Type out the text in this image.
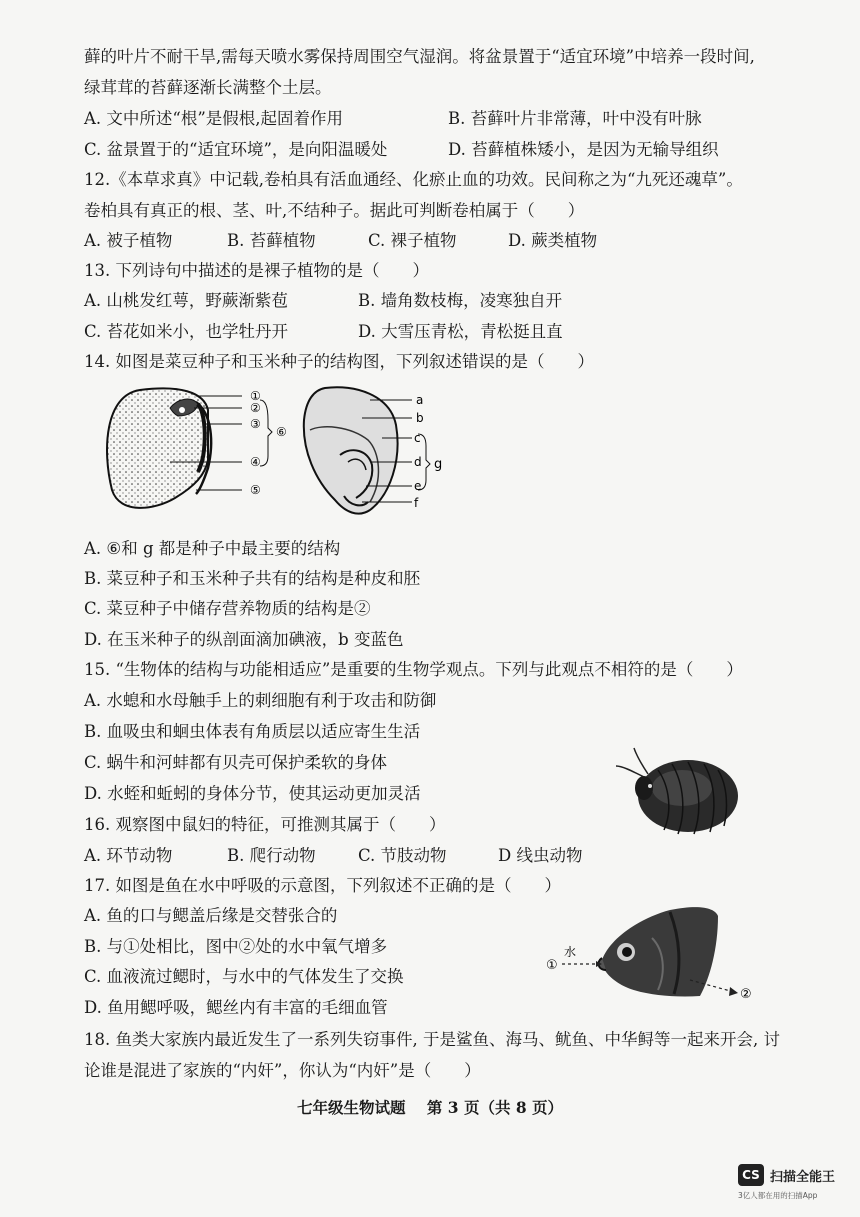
藓的叶片不耐干旱,需每天喷水雾保持周围空气湿润。将盆景置于“适宜环境”中培养一段时间,
绿茸茸的苔藓逐渐长满整个土层。
A. 文中所述“根”是假根,起固着作用	B. 苔藓叶片非常薄，叶中没有叶脉
C. 盆景置于的“适宜环境”，是向阳温暖处	D. 苔藓植株矮小，是因为无输导组织
12.《本草求真》中记载,卷柏具有活血通经、化瘀止血的功效。民间称之为“九死还魂草”。
卷柏具有真正的根、茎、叶,不结种子。据此可判断卷柏属于（　　）
A. 被子植物	B. 苔藓植物	C. 裸子植物	D. 蕨类植物
13. 下列诗句中描述的是裸子植物的是（　　）
A. 山桃发红萼，野蕨渐紫苞	B. 墙角数枝梅，凌寒独自开
C. 苔花如米小，也学牡丹开	D. 大雪压青松，青松挺且直
14. 如图是菜豆种子和玉米种子的结构图，下列叙述错误的是（　　）
①
②
③
④
⑤
⑥
a
b
c
d
e
f
g
A. ⑥和 g 都是种子中最主要的结构
B. 菜豆种子和玉米种子共有的结构是种皮和胚
C. 菜豆种子中储存营养物质的结构是②
D. 在玉米种子的纵剖面滴加碘液，b 变蓝色
15. “生物体的结构与功能相适应”是重要的生物学观点。下列与此观点不相符的是（　　）
A. 水螅和水母触手上的刺细胞有利于攻击和防御
B. 血吸虫和蛔虫体表有角质层以适应寄生生活
C. 蜗牛和河蚌都有贝壳可保护柔软的身体
D. 水蛭和蚯蚓的身体分节，使其运动更加灵活
16. 观察图中鼠妇的特征，可推测其属于（　　）
A. 环节动物	B. 爬行动物	C. 节肢动物	D 线虫动物
17. 如图是鱼在水中呼吸的示意图，下列叙述不正确的是（　　）
A. 鱼的口与鳃盖后缘是交替张合的
B. 与①处相比，图中②处的水中氧气增多
C. 血液流过鳃时，与水中的气体发生了交换
D. 鱼用鳃呼吸，鳃丝内有丰富的毛细血管
水
①
②
18. 鱼类大家族内最近发生了一系列失窃事件, 于是鲨鱼、海马、鱿鱼、中华鲟等一起来开会, 讨
论谁是混进了家族的“内奸”，你认为“内奸”是（　　）
七年级生物试题 第 3 页（共 8 页）
CS 扫描全能王
3亿人都在用的扫描App
